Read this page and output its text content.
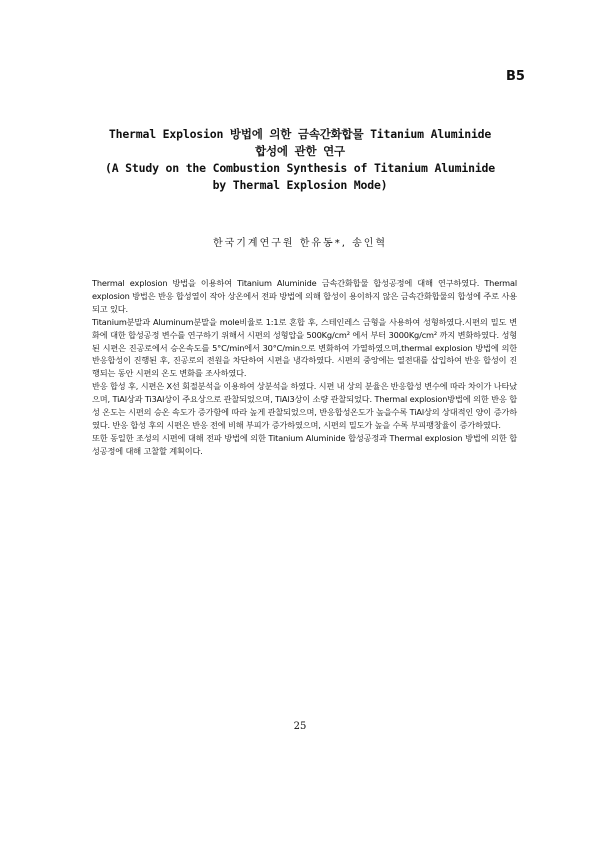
B5
Thermal Explosion 방법에 의한 금속간화합물 Titanium Aluminide
합성에 관한 연구
(A Study on the Combustion Synthesis of Titanium Aluminide
by Thermal Explosion Mode)
한국기계연구원 한유동*, 송인혁

Thermal explosion 방법을 이용하여 Titanium Aluminide 금속간화합물 합성공정에 대해 연구하였다. Thermal explosion 방법은 반응 합성열이 작아 상온에서 전파 방법에 의해 합성이 용이하지 않은 금속간화합물의 합성에 주로 사용되고 있다.

Titanium분말과 Aluminum분말을 mole비율로 1:1로 혼합 후, 스테인레스 금형을 사용하여 성형하였다.시편의 밀도 변화에 대한 합성공정 변수를 연구하기 위해서 시편의 성형압을 500Kg/cm² 에서 부터 3000Kg/cm² 까지 변화하였다. 성형된 시편은 진공로에서 승온속도를 5°C/min에서 30°C/min으로 변화하여 가열하였으며,thermal explosion 방법에 의한 반응합성이 진행된 후, 진공로의 전원을 차단하여 시편을 냉각하였다. 시편의 중앙에는 열전대를 삽입하여 반응 합성이 진행되는 동안 시편의 온도 변화를 조사하였다.

반응 합성 후, 시편은 X선 회절분석을 이용하여 상분석을 하였다. 시편 내 상의 분율은 반응합성 변수에 따라 차이가 나타났으며, TiAl상과 Ti3Al상이 주요상으로 관찰되었으며, TiAl3상이 소량 관찰되었다. Thermal explosion방법에 의한 반응 합성 온도는 시편의 승온 속도가 증가함에 따라 높게 관찰되었으며, 반응합성온도가 높을수록 TiAl상의 상대적인 양이 증가하였다. 반응 합성 후의 시편은 반응 전에 비해 부피가 증가하였으며, 시편의 밀도가 높을 수록 부피팽창율이 증가하였다.

또한 동일한 조성의 시편에 대해 전파 방법에 의한 Titanium Aluminide 합성공정과 Thermal explosion 방법에 의한 합성공정에 대해 고찰할 계획이다.

25
